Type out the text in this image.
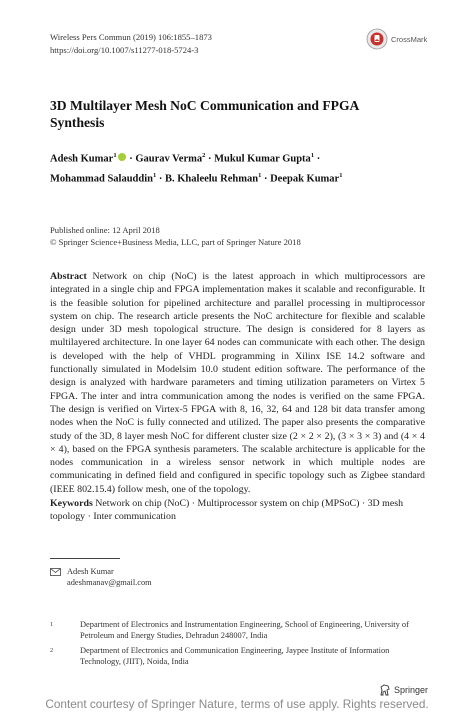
Wireless Pers Commun (2019) 106:1855–1873
https://doi.org/10.1007/s11277-018-5724-3
CrossMark
3D Multilayer Mesh NoC Communication and FPGA
Synthesis
Adesh Kumar$^1$ · Gaurav Verma$^2$ · Mukul Kumar Gupta$^1$ ·
Mohammad Salauddin$^1$ · B. Khaleelu Rehman$^1$ · Deepak Kumar$^1$
Published online: 12 April 2018
© Springer Science+Business Media, LLC, part of Springer Nature 2018
Abstract Network on chip (NoC) is the latest approach in which multiprocessors are integrated in a single chip and FPGA implementation makes it scalable and reconfigurable. It is the feasible solution for pipelined architecture and parallel processing in multiprocessor system on chip. The research article presents the NoC architecture for flexible and scalable design under 3D mesh topological structure. The design is considered for 8 layers as multilayered architecture. In one layer 64 nodes can communicate with each other. The design is developed with the help of VHDL programming in Xilinx ISE 14.2 software and functionally simulated in Modelsim 10.0 student edition software. The performance of the design is analyzed with hardware parameters and timing utilization parameters on Virtex 5 FPGA. The inter and intra communication among the nodes is verified on the same FPGA. The design is verified on Virtex-5 FPGA with 8, 16, 32, 64 and 128 bit data transfer among nodes when the NoC is fully connected and utilized. The paper also presents the comparative study of the 3D, 8 layer mesh NoC for different cluster size (2 × 2 × 2), (3 × 3 × 3) and (4 × 4 × 4), based on the FPGA synthesis parameters. The scalable architecture is applicable for the nodes communication in a wireless sensor network in which multiple nodes are communicating in defined field and configured in specific topology such as Zigbee standard (IEEE 802.15.4) follow mesh, one of the topology.
Keywords Network on chip (NoC) · Multiprocessor system on chip (MPSoC) · 3D mesh topology · Inter communication
Adesh Kumar
adeshmanav@gmail.com
1	Department of Electronics and Instrumentation Engineering, School of Engineering, University of Petroleum and Energy Studies, Dehradun 248007, India
2	Department of Electronics and Communication Engineering, Jaypee Institute of Information Technology, (JIIT), Noida, India
Springer
Content courtesy of Springer Nature, terms of use apply. Rights reserved.
